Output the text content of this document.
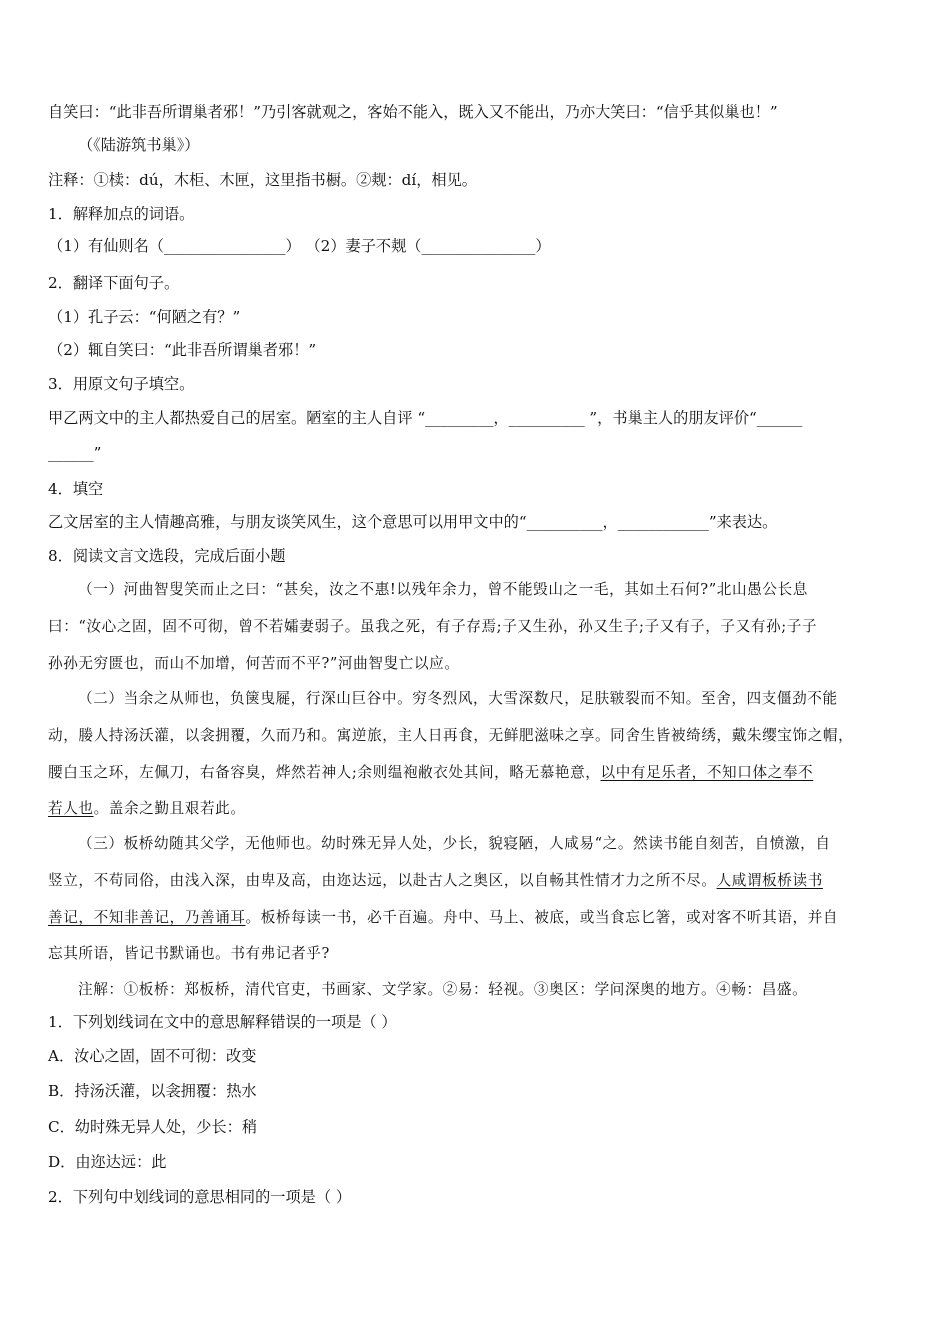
自笑曰：“此非吾所谓巢者邪！”乃引客就观之，客始不能入，既入又不能出，乃亦大笑曰：“信乎其似巢也！”
（《陆游筑书巢》）
注释：①椟：dú，木柜、木匣，这里指书橱。②觌：dí，相见。
1．解释加点的词语。
（1）有仙则名（________________） （2）妻子不觌（_______________）
2．翻译下面句子。
（1）孔子云：“何陋之有？”
（2）辄自笑曰：“此非吾所谓巢者邪！”
3．用原文句子填空。
甲乙两文中的主人都热爱自己的居室。陋室的主人自评 “_________，__________ ”，书巢主人的朋友评价“______
______”
4．填空
乙文居室的主人情趣高雅，与朋友谈笑风生，这个意思可以用甲文中的“__________，____________”来表达。
8．阅读文言文选段，完成后面小题
（一）河曲智叟笑而止之曰：“甚矣，汝之不惠!以残年余力，曾不能毁山之一毛，其如土石何?”北山愚公长息
曰：“汝心之固，固不可彻，曾不若孀妻弱子。虽我之死，有子存焉;子又生孙，孙又生子;子又有子，子又有孙;子子
孙孙无穷匮也，而山不加增，何苦而不平?”河曲智叟亡以应。
（二）当余之从师也，负箧曳屣，行深山巨谷中。穷冬烈风，大雪深数尺，足肤皲裂而不知。至舍，四支僵劲不能
动，媵人持汤沃灌，以衾拥覆，久而乃和。寓逆旅，主人日再食，无鲜肥滋味之享。同舍生皆被绮绣，戴朱缨宝饰之帽，
腰白玉之环，左佩刀，右备容臭，烨然若神人;余则缊袍敝衣处其间，略无慕艳意，以中有足乐者，不知口体之奉不
若人也。盖余之勤且艰若此。
（三）板桥幼随其父学，无他师也。幼时殊无异人处，少长，貌寝陋，人咸易“之。然读书能自刻苦，自愤激，自
竖立，不苟同俗，由浅入深，由卑及高，由迩达远，以赴古人之奥区，以自畅其性情才力之所不尽。人咸谓板桥读书
善记，不知非善记，乃善诵耳。板桥每读一书，必千百遍。舟中、马上、被底，或当食忘匕箸，或对客不听其语，并自
忘其所语，皆记书默诵也。书有弗记者乎?
注解：①板桥：郑板桥，清代官吏，书画家、文学家。②易：轻视。③奥区：学问深奥的地方。④畅：昌盛。
1．下列划线词在文中的意思解释错误的一项是（ ）
A．汝心之固，固不可彻：改变
B．持汤沃灌，以衾拥覆：热水
C．幼时殊无异人处，少长：稍
D．由迩达远：此
2．下列句中划线词的意思相同的一项是（ ）
